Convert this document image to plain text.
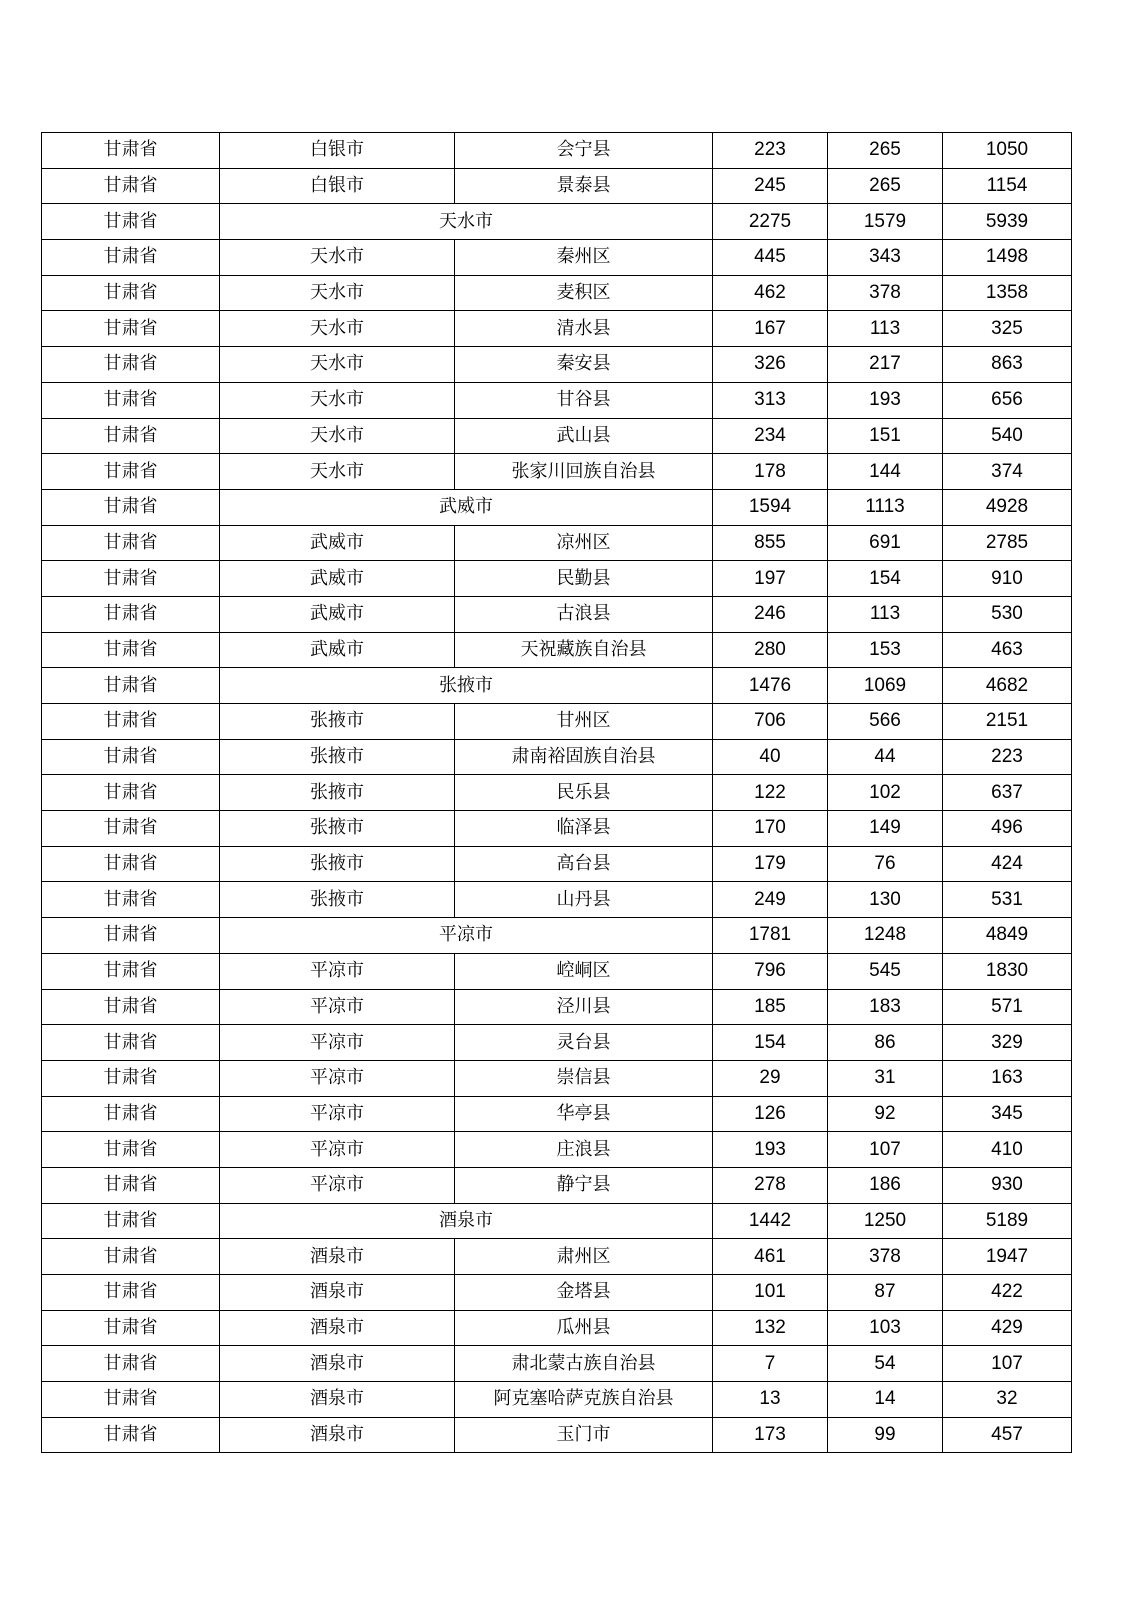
甘肃省	白银市	会宁县	223	265	1050
甘肃省	白银市	景泰县	245	265	1154
甘肃省	天水市		2275	1579	5939
甘肃省	天水市	秦州区	445	343	1498
甘肃省	天水市	麦积区	462	378	1358
甘肃省	天水市	清水县	167	113	325
甘肃省	天水市	秦安县	326	217	863
甘肃省	天水市	甘谷县	313	193	656
甘肃省	天水市	武山县	234	151	540
甘肃省	天水市	张家川回族自治县	178	144	374
甘肃省	武威市		1594	1113	4928
甘肃省	武威市	凉州区	855	691	2785
甘肃省	武威市	民勤县	197	154	910
甘肃省	武威市	古浪县	246	113	530
甘肃省	武威市	天祝藏族自治县	280	153	463
甘肃省	张掖市		1476	1069	4682
甘肃省	张掖市	甘州区	706	566	2151
甘肃省	张掖市	肃南裕固族自治县	40	44	223
甘肃省	张掖市	民乐县	122	102	637
甘肃省	张掖市	临泽县	170	149	496
甘肃省	张掖市	高台县	179	76	424
甘肃省	张掖市	山丹县	249	130	531
甘肃省	平凉市		1781	1248	4849
甘肃省	平凉市	崆峒区	796	545	1830
甘肃省	平凉市	泾川县	185	183	571
甘肃省	平凉市	灵台县	154	86	329
甘肃省	平凉市	崇信县	29	31	163
甘肃省	平凉市	华亭县	126	92	345
甘肃省	平凉市	庄浪县	193	107	410
甘肃省	平凉市	静宁县	278	186	930
甘肃省	酒泉市		1442	1250	5189
甘肃省	酒泉市	肃州区	461	378	1947
甘肃省	酒泉市	金塔县	101	87	422
甘肃省	酒泉市	瓜州县	132	103	429
甘肃省	酒泉市	肃北蒙古族自治县	7	54	107
甘肃省	酒泉市	阿克塞哈萨克族自治县	13	14	32
甘肃省	酒泉市	玉门市	173	99	457
